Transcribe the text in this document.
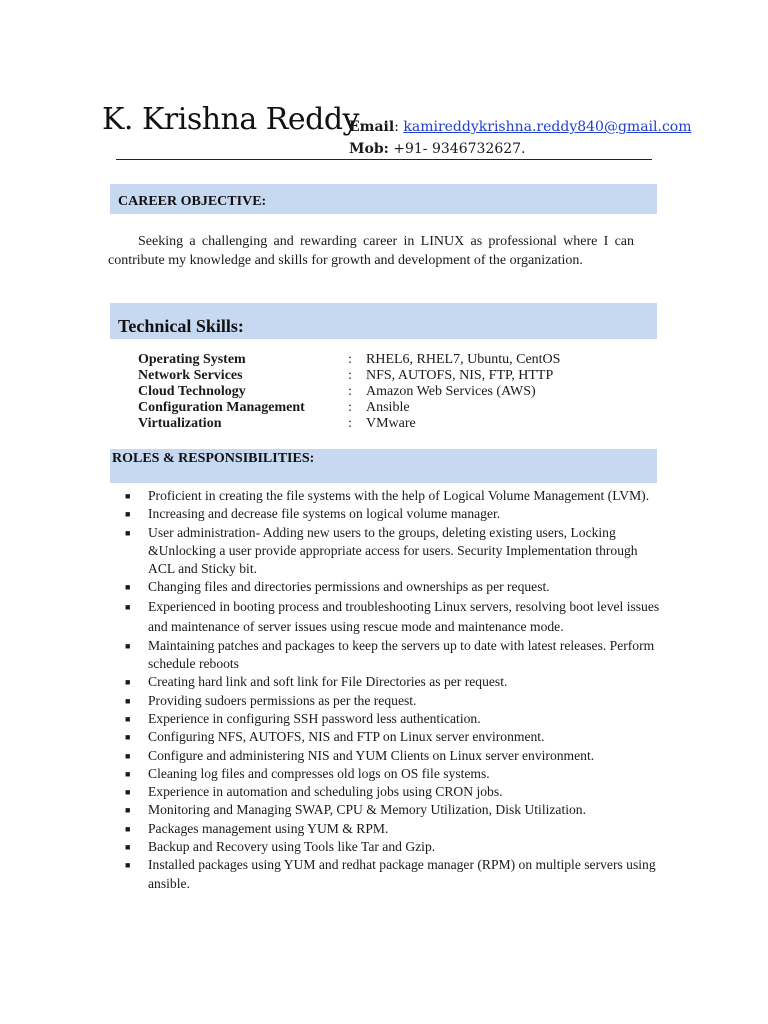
K. Krishna Reddy
Email: kamireddykrishna.reddy840@gmail.com
Mob: +91- 9346732627.
CAREER OBJECTIVE:
Seeking a challenging and rewarding career in LINUX as professional where I can contribute my knowledge and skills for growth and development of the organization.
Technical Skills:
Operating System	: RHEL6, RHEL7, Ubuntu, CentOS
Network Services	: NFS, AUTOFS, NIS, FTP, HTTP
Cloud Technology	: Amazon Web Services (AWS)
Configuration Management	: Ansible
Virtualization	: VMware
ROLES & RESPONSIBILITIES:
■ Proficient in creating the file systems with the help of Logical Volume Management (LVM).
■ Increasing and decrease file systems on logical volume manager.
■ User administration- Adding new users to the groups, deleting existing users, Locking &Unlocking a user provide appropriate access for users. Security Implementation through ACL and Sticky bit.
■ Changing files and directories permissions and ownerships as per request.
■ Experienced in booting process and troubleshooting Linux servers, resolving boot level issues and maintenance of server issues using rescue mode and maintenance mode.
■ Maintaining patches and packages to keep the servers up to date with latest releases. Perform schedule reboots
■ Creating hard link and soft link for File Directories as per request.
■ Providing sudoers permissions as per the request.
■ Experience in configuring SSH password less authentication.
■ Configuring NFS, AUTOFS, NIS and FTP on Linux server environment.
■ Configure and administering NIS and YUM Clients on Linux server environment.
■ Cleaning log files and compresses old logs on OS file systems.
■ Experience in automation and scheduling jobs using CRON jobs.
■ Monitoring and Managing SWAP, CPU & Memory Utilization, Disk Utilization.
■ Packages management using YUM & RPM.
■ Backup and Recovery using Tools like Tar and Gzip.
■ Installed packages using YUM and redhat package manager (RPM) on multiple servers using ansible.
